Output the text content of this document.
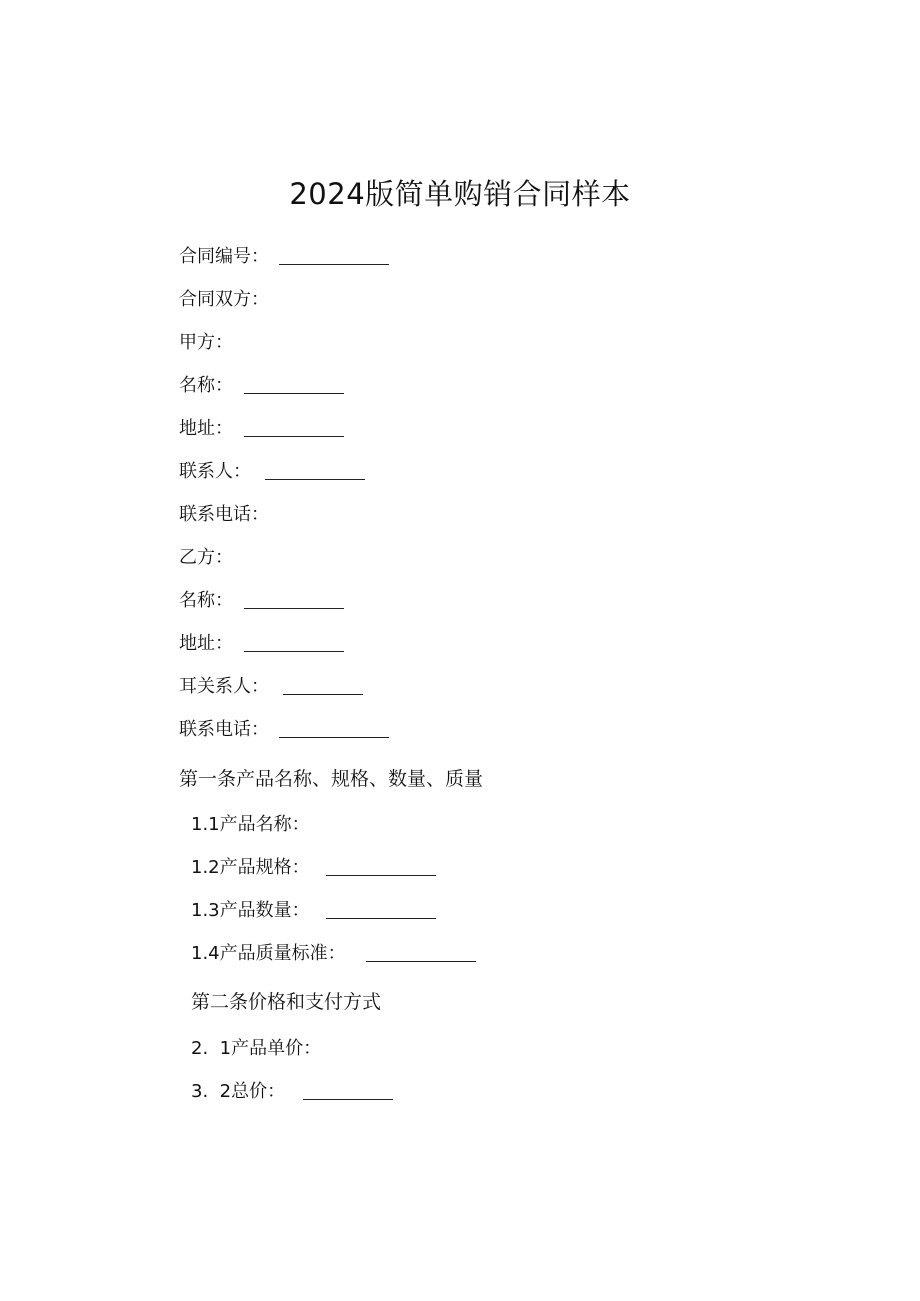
2024版简单购销合同样本
合同编号：
合同双方：
甲方：
名称：
地址：
联系人：
联系电话：
乙方：
名称：
地址：
耳关系人：
联系电话：
第一条产品名称、规格、数量、质量
1.1产品名称：
1.2产品规格：
1.3产品数量：
1.4产品质量标准：
第二条价格和支付方式
2.  1产品单价：
3.  2总价：
